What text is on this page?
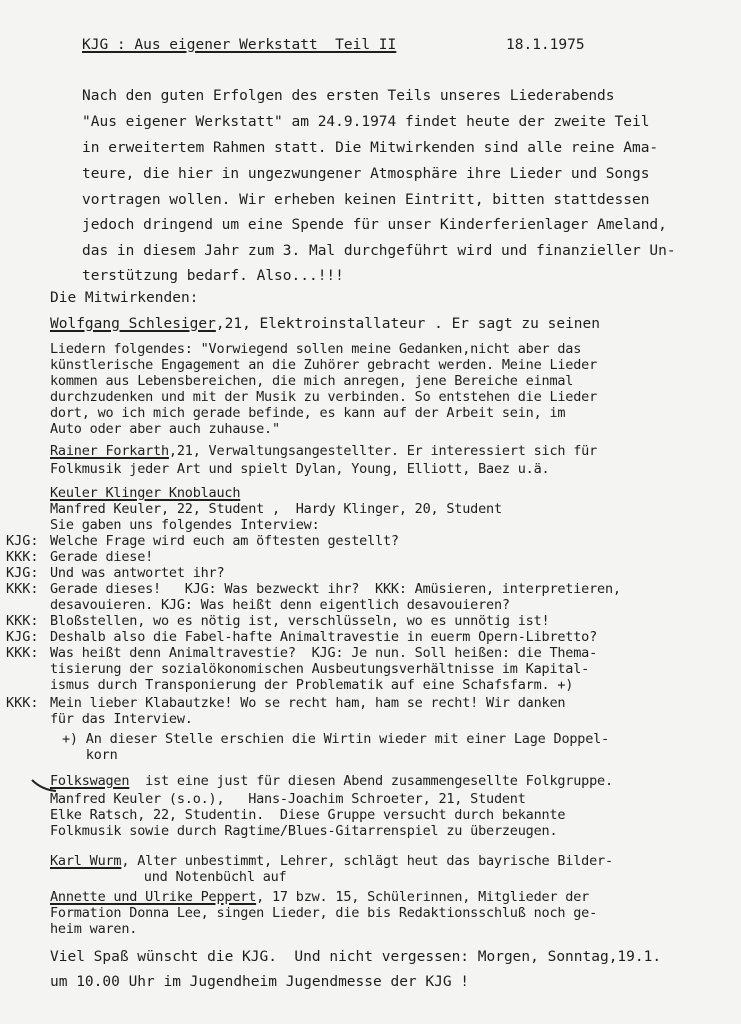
KJG : Aus eigener Werkstatt  Teil II	18.1.1975
Nach den guten Erfolgen des ersten Teils unseres Liederabends
"Aus eigener Werkstatt" am 24.9.1974 findet heute der zweite Teil
in erweitertem Rahmen statt. Die Mitwirkenden sind alle reine Ama-
teure, die hier in ungezwungener Atmosphäre ihre Lieder und Songs
vortragen wollen. Wir erheben keinen Eintritt, bitten stattdessen
jedoch dringend um eine Spende für unser Kinderferienlager Ameland,
das in diesem Jahr zum 3. Mal durchgeführt wird und finanzieller Un-
terstützung bedarf. Also...!!!
Die Mitwirkenden:
Wolfgang Schlesiger,21, Elektroinstallateur . Er sagt zu seinen
Liedern folgendes: "Vorwiegend sollen meine Gedanken,nicht aber das
künstlerische Engagement an die Zuhörer gebracht werden. Meine Lieder
kommen aus Lebensbereichen, die mich anregen, jene Bereiche einmal
durchzudenken und mit der Musik zu verbinden. So entstehen die Lieder
dort, wo ich mich gerade befinde, es kann auf der Arbeit sein, im
Auto oder aber auch zuhause."
Rainer Forkarth,21, Verwaltungsangestellter. Er interessiert sich für
Folkmusik jeder Art und spielt Dylan, Young, Elliott, Baez u.ä.
Keuler Klinger Knoblauch
Manfred Keuler, 22, Student ,  Hardy Klinger, 20, Student
Sie gaben uns folgendes Interview:
KJG: Welche Frage wird euch am öftesten gestellt?
KKK: Gerade diese!
KJG: Und was antwortet ihr?
KKK: Gerade dieses!   KJG: Was bezweckt ihr?  KKK: Amüsieren, interpretieren,
desavouieren. KJG: Was heißt denn eigentlich desavouieren?
KKK: Bloßstellen, wo es nötig ist, verschlüsseln, wo es unnötig ist!
KJG: Deshalb also die Fabel-hafte Animaltravestie in euerm Opern-Libretto?
KKK: Was heißt denn Animaltravestie?  KJG: Je nun. Soll heißen: die Thema-
tisierung der sozialökonomischen Ausbeutungsverhältnisse im Kapital-
ismus durch Transponierung der Problematik auf eine Schafsfarm. +)
KKK: Mein lieber Klabautzke! Wo se recht ham, ham se recht! Wir danken
für das Interview.
+) An dieser Stelle erschien die Wirtin wieder mit einer Lage Doppel-
korn
Folkswagen  ist eine just für diesen Abend zusammengesellte Folkgruppe.
Manfred Keuler (s.o.),   Hans-Joachim Schroeter, 21, Student
Elke Ratsch, 22, Studentin.  Diese Gruppe versucht durch bekannte
Folkmusik sowie durch Ragtime/Blues-Gitarrenspiel zu überzeugen.
Karl Wurm, Alter unbestimmt, Lehrer, schlägt heut das bayrische Bilder-
und Notenbüchl auf
Annette und Ulrike Peppert, 17 bzw. 15, Schülerinnen, Mitglieder der
Formation Donna Lee, singen Lieder, die bis Redaktionsschluß noch ge-
heim waren.
Viel Spaß wünscht die KJG.  Und nicht vergessen: Morgen, Sonntag,19.1.
um 10.00 Uhr im Jugendheim Jugendmesse der KJG !
